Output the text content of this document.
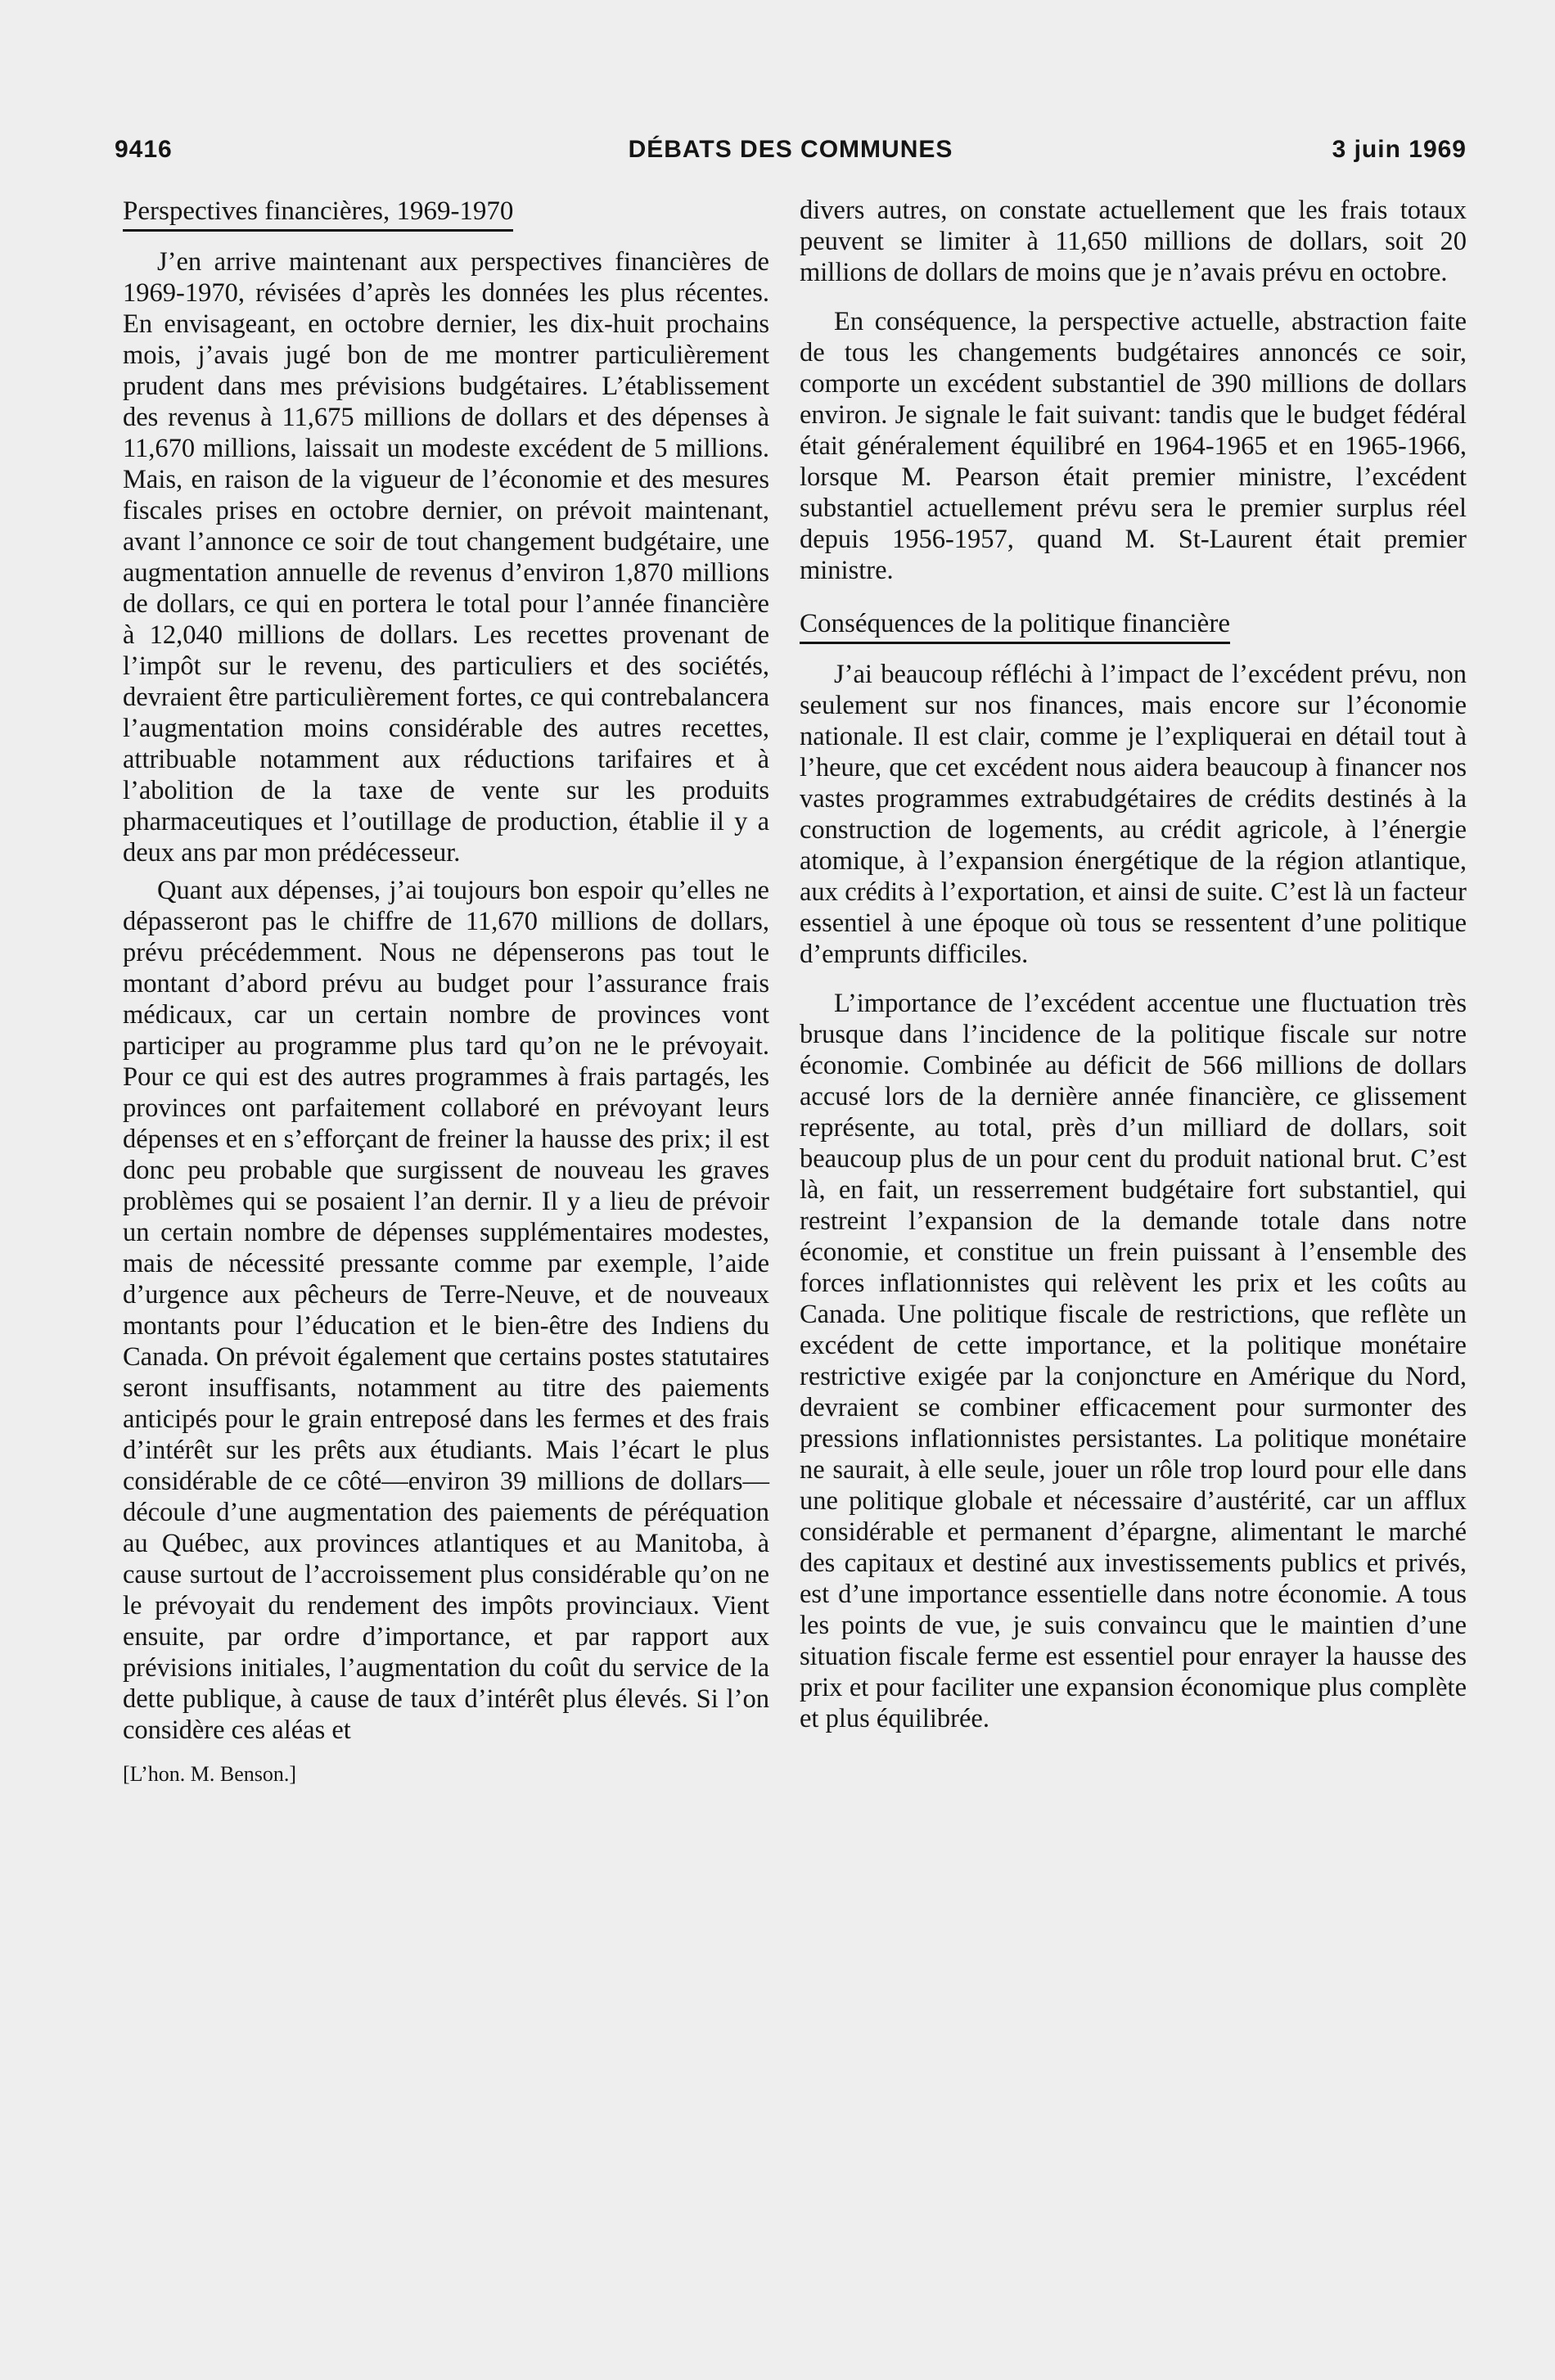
9416	DÉBATS DES COMMUNES	3 juin 1969
Perspectives financières, 1969-1970

J’en arrive maintenant aux perspectives financières de 1969-1970, révisées d’après les données les plus récentes. En envisageant, en octobre dernier, les dix-huit prochains mois, j’avais jugé bon de me montrer particulièrement prudent dans mes prévisions budgétaires. L’établissement des revenus à 11,675 millions de dollars et des dépenses à 11,670 millions, laissait un modeste excédent de 5 millions. Mais, en raison de la vigueur de l’économie et des mesures fiscales prises en octobre dernier, on prévoit maintenant, avant l’annonce ce soir de tout changement budgétaire, une augmentation annuelle de revenus d’environ 1,870 millions de dollars, ce qui en portera le total pour l’année financière à 12,040 millions de dollars. Les recettes provenant de l’impôt sur le revenu, des particuliers et des sociétés, devraient être particulièrement fortes, ce qui contrebalancera l’augmentation moins considérable des autres recettes, attribuable notamment aux réductions tarifaires et à l’abolition de la taxe de vente sur les produits pharmaceutiques et l’outillage de production, établie il y a deux ans par mon prédécesseur.

Quant aux dépenses, j’ai toujours bon espoir qu’elles ne dépasseront pas le chiffre de 11,670 millions de dollars, prévu précédemment. Nous ne dépenserons pas tout le montant d’abord prévu au budget pour l’assurance frais médicaux, car un certain nombre de provinces vont participer au programme plus tard qu’on ne le prévoyait. Pour ce qui est des autres programmes à frais partagés, les provinces ont parfaitement collaboré en prévoyant leurs dépenses et en s’efforçant de freiner la hausse des prix; il est donc peu probable que surgissent de nouveau les graves problèmes qui se posaient l’an dernir. Il y a lieu de prévoir un certain nombre de dépenses supplémentaires modestes, mais de nécessité pressante comme par exemple, l’aide d’urgence aux pêcheurs de Terre-Neuve, et de nouveaux montants pour l’éducation et le bien-être des Indiens du Canada. On prévoit également que certains postes statutaires seront insuffisants, notamment au titre des paiements anticipés pour le grain entreposé dans les fermes et des frais d’intérêt sur les prêts aux étudiants. Mais l’écart le plus considérable de ce côté—environ 39 millions de dollars—découle d’une augmentation des paiements de péréquation au Québec, aux provinces atlantiques et au Manitoba, à cause surtout de l’accroissement plus considérable qu’on ne le prévoyait du rendement des impôts provinciaux. Vient ensuite, par ordre d’importance, et par rapport aux prévisions initiales, l’augmentation du coût du service de la dette publique, à cause de taux d’intérêt plus élevés. Si l’on considère ces aléas et

[L’hon. M. Benson.]

divers autres, on constate actuellement que les frais totaux peuvent se limiter à 11,650 millions de dollars, soit 20 millions de dollars de moins que je n’avais prévu en octobre.

En conséquence, la perspective actuelle, abstraction faite de tous les changements budgétaires annoncés ce soir, comporte un excédent substantiel de 390 millions de dollars environ. Je signale le fait suivant: tandis que le budget fédéral était généralement équilibré en 1964-1965 et en 1965-1966, lorsque M. Pearson était premier ministre, l’excédent substantiel actuellement prévu sera le premier surplus réel depuis 1956-1957, quand M. St-Laurent était premier ministre.

Conséquences de la politique financière

J’ai beaucoup réfléchi à l’impact de l’excédent prévu, non seulement sur nos finances, mais encore sur l’économie nationale. Il est clair, comme je l’expliquerai en détail tout à l’heure, que cet excédent nous aidera beaucoup à financer nos vastes programmes extrabudgétaires de crédits destinés à la construction de logements, au crédit agricole, à l’énergie atomique, à l’expansion énergétique de la région atlantique, aux crédits à l’exportation, et ainsi de suite. C’est là un facteur essentiel à une époque où tous se ressentent d’une politique d’emprunts difficiles.

L’importance de l’excédent accentue une fluctuation très brusque dans l’incidence de la politique fiscale sur notre économie. Combinée au déficit de 566 millions de dollars accusé lors de la dernière année financière, ce glissement représente, au total, près d’un milliard de dollars, soit beaucoup plus de un pour cent du produit national brut. C’est là, en fait, un resserrement budgétaire fort substantiel, qui restreint l’expansion de la demande totale dans notre économie, et constitue un frein puissant à l’ensemble des forces inflationnistes qui relèvent les prix et les coûts au Canada. Une politique fiscale de restrictions, que reflète un excédent de cette importance, et la politique monétaire restrictive exigée par la conjoncture en Amérique du Nord, devraient se combiner efficacement pour surmonter des pressions inflationnistes persistantes. La politique monétaire ne saurait, à elle seule, jouer un rôle trop lourd pour elle dans une politique globale et nécessaire d’austérité, car un afflux considérable et permanent d’épargne, alimentant le marché des capitaux et destiné aux investissements publics et privés, est d’une importance essentielle dans notre économie. A tous les points de vue, je suis convaincu que le maintien d’une situation fiscale ferme est essentiel pour enrayer la hausse des prix et pour faciliter une expansion économique plus complète et plus équilibrée.
